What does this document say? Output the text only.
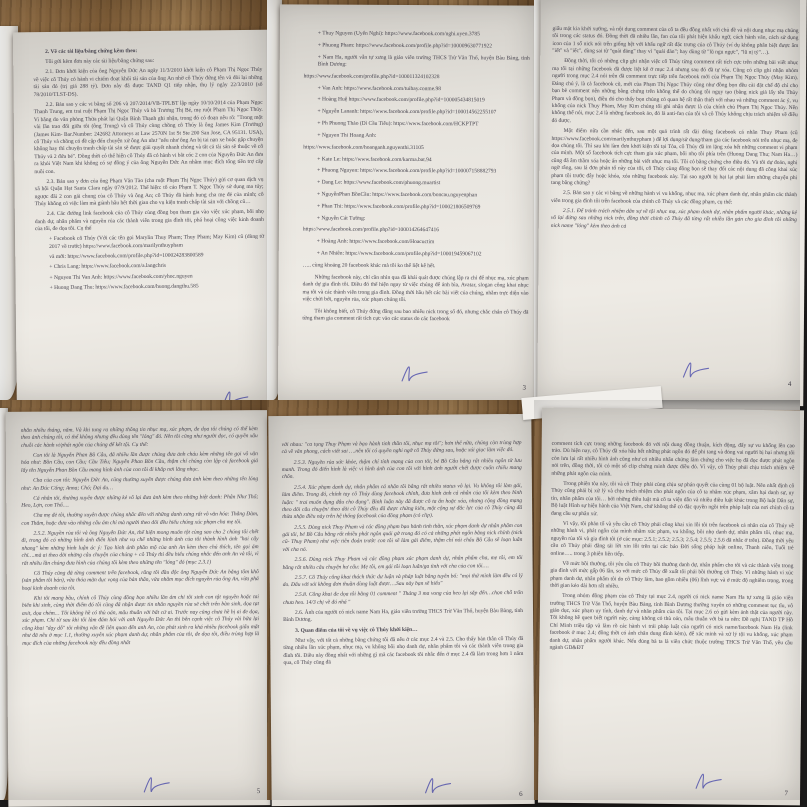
2. Về các tài liệu/bằng chứng kèm theo:

Tôi gửi kèm đơn này các tài liệu/bằng chứng sau:

2.1. Đơn khởi kiện của ông Nguyễn Đức An ngày 11/3/2010 khởi kiện cô Phạm Thị Ngọc Thúy về việc cô Thúy có hành vi chiếm đoạt khối tài sản của ông An nhờ cô Thúy đứng tên và đòi lại những tài sản đó (trị giá 288 tỷ). Đơn này đã được TAND Q1 tiếp nhận, thụ lý ngày 22/3/2010 (số 78/2010/TLST-DS).

2.2. Bản sao y các vi bằng số 206 và 207/2014/VB-TPLBT lập ngày 10/10/2014 của Phạm Ngọc Thanh Trung, em trai ruột Phạm Thị Ngọc Thúy và bà Trương Thị Bé, mẹ ruột Phạm Thị Ngọc Thúy. Vi bằng do văn phòng Thừa phát lại Quận Bình Thạnh ghi nhận, trong đó có đoạn nêu rõ: "Trong một vài lần trao đổi giữa tôi (ông Trung) và cô Thúy cùng chồng cô Thúy là ông James Kim (Trưởng) (James Kim- Bar.Number: 242682 Attorneys at Law 2570N 1st St Ste 200 San Jose, CA 95131. USA), cô Thúy và chồng có đề cập đến chuyện xử ông An như "nếu như ông An bị tai nạn xe hoặc gặp chuyện không hay thì chuyện tranh chấp tài sản sẽ được giải quyết nhanh chóng và tắt cả tài sản sẽ thuộc về cô Thúy và 2 đứa bé". Đồng thời có thể hiện cô Thúy đã có hành vi bắt cóc 2 con của Nguyễn Đức An đưa ra khỏi Việt Nam khi không có sự đồng ý của ông Nguyễn Đức An nhằm mục đích tống tiền trợ cấp nuôi con.

2.3. Bản sao y đơn của ông Phạm Văn Tào (cha ruột Phạm Thị Ngọc Thúy) gửi cơ quan dịch vụ xã hội Quận Hạt Santa Clara ngày 07/9/2012. Thể hiện: tố cáo Phạm T. Ngọc Thúy sử dụng ma túy; ngược đãi 2 con gái chung của cô Thúy và ông An; cô Thúy đã hành hung cha mẹ đẻ của mình; cô Thúy không có việc làm mà giành hầu hết thời gian cho vụ kiện tranh chấp tài sản với chồng cũ…

2.4. Các đường link facebook của cô Thúy cùng đồng bọn tham gia vào việc xúc phạm, bôi nhọ danh dự, nhân phẩm và nguyền rủa các thành viên trong gia đình tôi, phá hoại công việc kinh doanh của tôi, đe dọa tôi. Cụ thể

+ Facebook cô Thúy (Với các tên gọi Marylin Thuy Pham; Thuy Pham; May Kim) cũ (dùng từ 2017 về trước) https://www.facebook.com/marilynthuypham

và mới: https://www.facebook.com/profile.php?id=100024283800589

+ Chris Lang: https://www.facebook.com/a.langchris

+ Nguyen Thi Van Anh: https://www.facebook.com/yhoc.nguyen

+ Huong Dang Thu: https://www.facebook.com/huong.dangthu.585

+ Thuy Nguyen (Uyển Nghi): https://www.facebook.com/nghi.uyen.3785

+ Phuong Pham: https://www.facebook.com/profile.php?id=100009630771922

+ Nam Ha, người vẫn tự xưng là giáo viên trường THCS Trừ Văn Thố, huyện Bàu Bàng, tỉnh Bình Dương:

https://www.facebook.com/profile.php?id=100011324102328

+ Van Anh: https://www.facebook.com/tuibay.conme.98

+ Hoàng Huệ https://www.facebook.com/profile.php?id=100005434815019

+ Nguyễn Lananh: https://www.facebook.com/profile.php?id=100014562255107

+ Ph Phuong Thảo (Dì Cầu Tiêu): https://www.facebook.com/HCKPTPT

+ Nguyen Thi Hoang Anh:

https://www.facebook.com/hoanganh.nguyenthi.31105

+ Kate Le: https://www.facebook.com/karma.bat.94

+ Phuong Nguyen: https://www.facebook.com/profile.php?id=100007158882793

+ Dang Le: https://www.facebook.com/phuong.muartist

+ NguyễnPhan BồnCầu: https://www.facebook.com/boncau.nguyenphan

+ Phan Thi: https://www.facebook.com/profile.php?id=100021806509769

+ Nguyễn Cát Tường:

https://www.facebook.com/profile.php?id=100014264647416

+ Hoàng Anh: https://www.facebook.com/Hoacuctim

+ An Nhiên: https://www.facebook.com/profile.php?id=100019459067102

….. cùng khoảng 20 facebook khác mà tôi ko thể liệt kê hết.

Những facebook này, chỉ cần nhìn qua đã khái quát được chúng lập ra chỉ để nhục mạ, xúc phạm danh dự gia đình tôi. Điều đó thể hiện ngay từ việc chúng để ảnh bìa, Avatar, slogan công khai nhục mạ tôi và các thành viên trong gia đình. Đồng thời hầu hết các bài viết của chúng, nhằm trực diện vào việc chửi bới, nguyền rủa, xúc phạm chúng tôi.

Tôi không biết, cô Thúy đứng đằng sau bao nhiêu nick trong số đó, nhưng chắc chắn cô Thúy đã từng tham gia comment rất tích cực vào các status do các facebook

3

giấu mặt kia khởi xướng, và nội dung comment của cô ta đều đồng nhất với chủ đề và nội dung nhục mạ chúng tôi trong các status đó. Đồng thời đã nhiều lần, fan của tôi phát hiện khẩu ngữ, cách hành văn, cách sử dụng icon của 1 số nick nói trên giống hệt với khẩu ngữ rất đặc trưng của cô Thúy (ví dụ không phân biệt được âm "iết" và "iếc", dùng sai từ "quái đảng" thay vì "quái đản"; hay dùng từ "lũ ngu ngực", "lũ nị tỷ"…).

Đồng thời, tôi có những clip ghi nhận việc cô Thúy từng comment rất tích cực trên những bài viết nhục mạ tôi tại những facebook đã được liệt kê ở mục 2.4 nhưng sau đó đã tự xóa. Cũng có clip ghi nhận nhóm người trong mục 2.4 nói trên đã comment trực tiếp trên facebook mới của Phạm Thị Ngọc Thúy (May Kim). Đáng chú ý, là cả facebook cũ, mới của Phạm Thị Ngọc Thúy cũng như đồng bọn đều cài đặt chế độ chỉ cho bạn bè comment nên những bằng chứng trên không thể do chúng tôi ngụy tạo (bằng nick giả lấy tên Thủy Phạm và đồng bọn), điều đó cho thấy bọn chúng có quan hệ rất thân thiết với nhau và những comment ác ý, vu khống của nick Thuy Pham, May Kim chúng tôi ghi nhận được là của chính chủ Phạm Thị Ngọc Thúy. Nên không thể nói, mục 2.4 là những facebook ảo, đó là anti-fan của tôi và cô Thúy không chịu trách nhiệm về điều đó được.

Một điểm nữa cần nhắc đến, sau một quá trình rất dài đóng facebook cá nhân Thuy Pham (cũ https://www.facebook.com/marilynthuypham ) để lợi dụng/sử dụng/tham gia các facebook nói trên nhục mạ, đe dọa chúng tôi. Thì sau khi làm đơn khởi kiện tôi tại Tòa, cô Thúy đã im lặng xóa hết những comment vi phạm của mình. Một số facebook tích cực tham gia xúc phạm, bôi nhọ tôi phía trên (Huong Dang Thu; Nam Ha…) cũng đã âm thầm xóa hoặc ẩn những bài viết nhục mạ tôi. Tôi có bằng chứng cho điều đó. Và tôi dự đoán, nghi ngờ rằng, sau lá đơn phản tố này của tôi, cô Thúy cùng đồng bọn sẽ thay đổi các nội dung đã công khai xúc phạm tôi trước đây hoặc khóa, xóa những facebook này. Tại sao người bị hại lại phải làm những chuyện phi tang bằng chứng?

2.5. Bản sao y các vi bằng về những hành vi vu khống, nhục mạ, xúc phạm danh dự, nhân phẩm các thành viên trong gia đình tôi trên facebook của chính cô Thúy và các đồng phạm, cụ thể:

2.5.1. Để tránh trách nhiệm dân sự về tội nhục mạ, xúc phạm danh dự, nhân phẩm người khác, những kẻ vô lại đứng sau những nick trên, đồng thời chính cô Thúy đã từng rất nhiều lần gán cho gia đình tôi những nick name "lóng" kèm theo ảnh cá

4

nhân nhiều tháng, năm. Và khi tung ra những thông tin nhục mạ, xúc phạm, đe dọa tôi chúng có thể kèm theo ảnh chúng tôi, có thể không nhưng đều dùng tên "lóng" đó. Nên tôi cũng như người đọc, có quyền xâu chuỗi các hành vi/phát ngôn của chúng để kết tội. Cụ thể:

Con tôi là Nguyễn Phan Bồ Câu, đã nhiều lần được chúng đưa ảnh cháu kèm những tên gọi vô văn hóa như: Bồn Cầu, con Cầu; Cầu Tiêu; Nguyễn Phan Bồn Cầu, thậm chí chúng còn lập cả facebook giả lấy tên Nguyễn Phan Bồn Cầu mang hình ảnh của con tôi đi khắp nơi lăng nhục.

Cha của con tôi: Nguyễn Đức An, cũng thường xuyên được chúng đưa ảnh kèm theo những tên lóng như: An Đúc Cống; Anna; Chó; Đại du…

Cá nhân tôi, thường xuyên được những kẻ vô lại đưa ảnh kèm theo những biệt danh: Phân Như Thổ; Heo, Lợn, con Thổ….

Cha mẹ đẻ tôi, thường xuyên được chúng nhắc đến với những danh xưng rất vô văn hóa: Thằng Đàm, con Thâm, hoặc đưa vào những câu ám chỉ mà người theo dõi đều hiểu chúng xúc phạm cha mẹ tôi.

2.5.2. Nguyền rủa tôi và ông Nguyễn Đức An, thể hiện mong muốn tột cùng sao cho 2 chúng tôi chết đi, trong đó có những hình ảnh điển hình như vụ chế những hình ảnh của tôi thành hình ảnh "hai cây nhang" kèm những bình luận ác ý: Tạo hình ảnh phần mộ của anh An kèm theo chú thích, tên gọi ám chỉ….mà ai theo dõi những câu chuyện của chúng + cô Thúy thì đều hiểu chúng nhắc đến anh An và tôi, vì rất nhiều lần chúng đưa hình của chúng tôi kèm theo những tên "lóng" đó (mục 2.3.1)

Cô Thúy cũng đã từng comment trên facebook, rằng tôi đầu độc ông Nguyễn Đức An bằng tôm khô (sản phẩm tôi bán), vừa thỏa mãn dục vọng của bản thân, vừa nhằm mục đích nguyền rủa ông An, vừa phá hoại kinh doanh của tôi.

Khi tôi mang bầu, chính cô Thúy cùng đồng bọn nhiều lần ám chỉ tôi sinh con tật nguyền hoặc tai biến khi sinh, cùng thời điểm đó tôi cũng đã nhận được tin nhắn nguyền rủa sẽ chết trên bàn sinh, dọa tạt axit, dọa chém… Tôi không hề có thù oán, mâu thuẫn với bất cứ ai. Trước nay cũng chưa hề bị ai đe dọa, xúc phạm. Chỉ từ sau khi tôi làm đám hỏi với anh Nguyễn Đức An thì bên cạnh việc cô Thúy vài bữa lại công khai "dạy dỗ" tôi những vấn đề liên quan đến anh An, còn phát sinh ra khá nhiều facebook giấu mặt như đã nêu ở mục 1.1, thường xuyên xúc phạm danh dự, nhân phẩm của tôi, đe dọa tôi, điều trùng hợp là mục đích của những facebook này đều đồng nhất

5

với nhau: "ca tụng Thuy Phạm và bạo hành tinh thần tôi, nhục mạ tôi"; hơn thế nữa, chúng còn trùng hợp cả về văn phong, cách viết sai ….nên tôi có quyền nghi ngờ cô Thúy đứng sau, hoặc xúi giục làm việc đó.

2.5.3. Nguyền rủa sức khỏe, thậm chí tính mạng của con tôi, bé Bồ Câu bằng rất nhiều ngôn từ lưu manh. Trong đó điển hình là việc vi hình ảnh của con tôi với hình ảnh người chết được cuốn chiếu mang chôn.

2.5.4. Xúc phạm danh dự, nhân phẩm cá nhân tôi bằng rất nhiều status vô lại. Vu khống tôi làm gái, làm điếm. Trong đó, chính tay cô Thúy dùng facebook chính, đưa hình ảnh cá nhân của tôi kèm theo bình luận: " trai muốn đụng đâu cho đụng". Bình luận này đã được cô ta ẩn hoặc xóa, nhưng cộng đồng mạng theo dõi câu chuyện/ theo dõi cô Thúy đều đã được chứng kiến, một cộng sự đắc lực của cô Thúy cũng đã thừa nhận điều này trên hệ thống facebook của đồng phạm (có clip).

2.5.5. Dùng nick Thuy Pham và các đồng phạm bạo hành tinh thần, xúc phạm danh dự nhân phẩm con gái tôi, bé Bồ Câu bằng rất nhiều phát ngôn quái gở trong đó có cả những phát ngôn bằng nick chính (nick cũ- Thuy Pham) như việc tiên đoán trước con tôi sẽ làm gái điếm, thậm chí nói cháu Bồ Câu sẽ loạn luân với cha nó.

2.5.6. Dùng nick Thuy Pham và các đồng phạm xúc phạm danh dự, nhân phẩm cha, mẹ tôi, em tôi bằng rất nhiều câu chuyện hư cấu: Mẹ tôi, em gái tôi loạn luân/ga tình với cha của con tôi….

2.5.7. Cô Thúy công khai thách thức dư luận và pháp luật bằng tuyên bố: "mọi thứ mình làm đều có lý do. Đấu với sói không đơn thuần dùng luật được….Sau này bạn sẽ hiểu"

2.5.8. Công khai đe dọa tôi bằng 01 comment " Tháng 3 ma vong của heo lại sắp đến…chọn chỗ trốn chưa heo. 14/3 chị về đó nhá "

2.6. Ảnh của người có nick name Nam Ha, giáo viên trường THCS Trừ Văn Thố, huyện Bàu Bàng, tỉnh Bình Dương.

3. Quan điểm của tôi về vụ việc cô Thúy khởi kiện…

Như vậy, với tất cả những bằng chứng tôi đã nêu ở các mục 2.4 và 2.5. Cho thấy bản thân cô Thúy đã từng nhiều lần xúc phạm, nhục mạ, vu khống bôi nhọ danh dự, nhân phẩm tôi và các thành viên trong gia đình tôi. Điều này đồng nhất với những gì mà các facebook tôi nhắc đến ở mục 2.4 đã làm trong hơn 1 năm qua, cô Thúy cũng đã

6

comment tích cực trong những facebook đó với nội dung đồng thuận, kích động, đẩy sự vu khống lên cao trào. Dù hiện nay, cô Thúy đã xóa hầu hết những phát ngôn đó để phi tang và đóng vai người bị hại nhưng tôi còn lưu lại rất nhiều hình ảnh cũng như có nhiều nhân chứng làm chứng cho việc họ đã đọc được phát ngôn nói trên, đồng thời, tôi có một số clip chứng minh được điều đó. Vì vậy, cô Thúy phải chịu trách nhiệm về những phát ngôn của mình.

Trong phiên tòa này, tôi và cô Thúy phải cùng chịu sự phán quyết của cùng 01 bộ luật. Nên nhất định cô Thúy cũng phải bị xử lý và chịu trách nhiệm cho phát ngôn của cô ta nhằm xúc phạm, xâm hại danh sự, uy tín, nhân phẩm của tôi… bởi những điều luật mà cô ta viện dẫn và nhiều điều luật khác trong Bộ luật Dân sự, Bộ luật Hình sự hiện hành của Việt Nam, chứ không thể có đặc quyền ngồi trên pháp luật của nơi chính cô ta đang cầu sự phân xử.

Vì vậy, tôi phản tố và yêu cầu cô Thúy phải công khai xin lỗi tôi trên facebook cá nhân của cô Thúy về những hành vi, phát ngôn của mình nhằm xúc phạm, vu khống, bôi nhọ danh dự, nhân phẩm tôi, nhục mạ, nguyền rủa tôi và gia đình tôi (ở các mục: 2.5.1; 2.5.2; 2.5.3; 2.5.4; 2.5.5; 2.5.6 đã nhắc ở trên). Đồng thời yêu cầu cô Thúy phải đăng tải lời xin lỗi trên tại các báo Đời sống pháp luật online, Thanh niên, Tuổi trẻ online….. trong 3 phiên liên tiếp.

Về mức bồi thường, tôi yêu cầu cô Thúy bồi thường danh dự, nhân phẩm cho tôi và các thành viên trong gia đình với mức gấp 06 lần, so với mức cô Thúy đề xuất tôi phải bồi thường cô Thúy. Vì những hành vi xúc phạm danh dự, nhân phẩm tôi do cô Thúy làm, bao gồm nhiều (06) lĩnh vực và ở mức độ nghiêm trọng, trong thời gian kéo dài hơn rất nhiều.

Trong nhóm đồng phạm của cô Thúy tại mục 2.4, người có nick name Nam Ha tự xưng là giáo viên trường THCS Trừ Văn Thố, huyện Bàu Bàng, tỉnh Bình Dương thường xuyên có những comment tục tĩu, vô giáo dục, xúc phạm uy tính, danh dự và nhân phẩm của tôi. Tại mục 2.6 có gửi kèm ảnh thật của người này. Tôi không hề quen biết người này, càng không có thù oán, mâu thuẫn với bà ta nên: Đề nghị TAND TP Hồ Chí Minh triệu tập và làm rõ các hành vi trái pháp luật của người có nick name/facebook Nam Ha (link facebook ở mục 2.4; đồng thời có ảnh chân dung đính kèm), để xác minh và xử lý tội vu khống, xúc phạm danh dự, nhân phẩm người khác. Nếu đúng bà ta là viên chức thuộc trường THCS Trừ Văn Thố, yêu cầu ngành GD&ĐT

7
